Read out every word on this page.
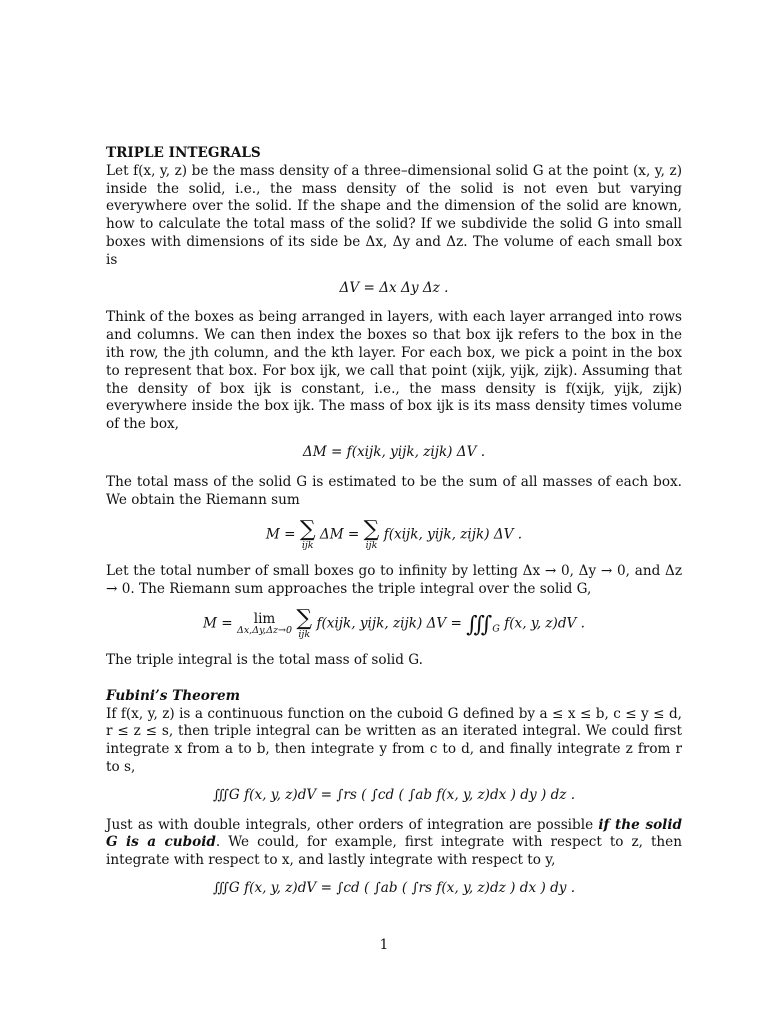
TRIPLE INTEGRALS

Let f(x, y, z) be the mass density of a three–dimensional solid G at the point (x, y, z) inside the solid, i.e., the mass density of the solid is not even but varying everywhere over the solid. If the shape and the dimension of the solid are known, how to calculate the total mass of the solid? If we subdivide the solid G into small boxes with dimensions of its side be Δx, Δy and Δz. The volume of each small box is

ΔV = Δx Δy Δz .

Think of the boxes as being arranged in layers, with each layer arranged into rows and columns. We can then index the boxes so that box ijk refers to the box in the ith row, the jth column, and the kth layer. For each box, we pick a point in the box to represent that box. For box ijk, we call that point (xijk, yijk, zijk). Assuming that the density of box ijk is constant, i.e., the mass density is f(xijk, yijk, zijk) everywhere inside the box ijk. The mass of box ijk is its mass density times volume of the box,

ΔM = f(xijk, yijk, zijk) ΔV .

The total mass of the solid G is estimated to be the sum of all masses of each box. We obtain the Riemann sum

M = ∑
ijk
ΔM = ∑
ijk
f(xijk, yijk, zijk) ΔV .

Let the total number of small boxes go to infinity by letting Δx → 0, Δy → 0, and Δz → 0. The Riemann sum approaches the triple integral over the solid G,

M =	lim
Δx,Δy,Δz→0
∑
ijk
f(xijk, yijk, zijk) $\Delta V = ∭_G$ f(x, y, z)dV .

The triple integral is the total mass of solid G.

Fubini’s Theorem

If f(x, y, z) is a continuous function on the cuboid G defined by a ≤ x ≤ b, c ≤ y ≤ d, r ≤ z ≤ s, then triple integral can be written as an iterated integral. We could first integrate x from a to b, then integrate y from c to d, and finally integrate z from r to s,

∭G f(x, y, z)dV = ∫rs ( ∫cd ( ∫ab f(x, y, z)dx ) dy ) dz .

Just as with double integrals, other orders of integration are possible if the solid G is a cuboid. We could, for example, first integrate with respect to z, then integrate with respect to x, and lastly integrate with respect to y,

∭G f(x, y, z)dV = ∫cd ( ∫ab ( ∫rs f(x, y, z)dz ) dx ) dy .
1
